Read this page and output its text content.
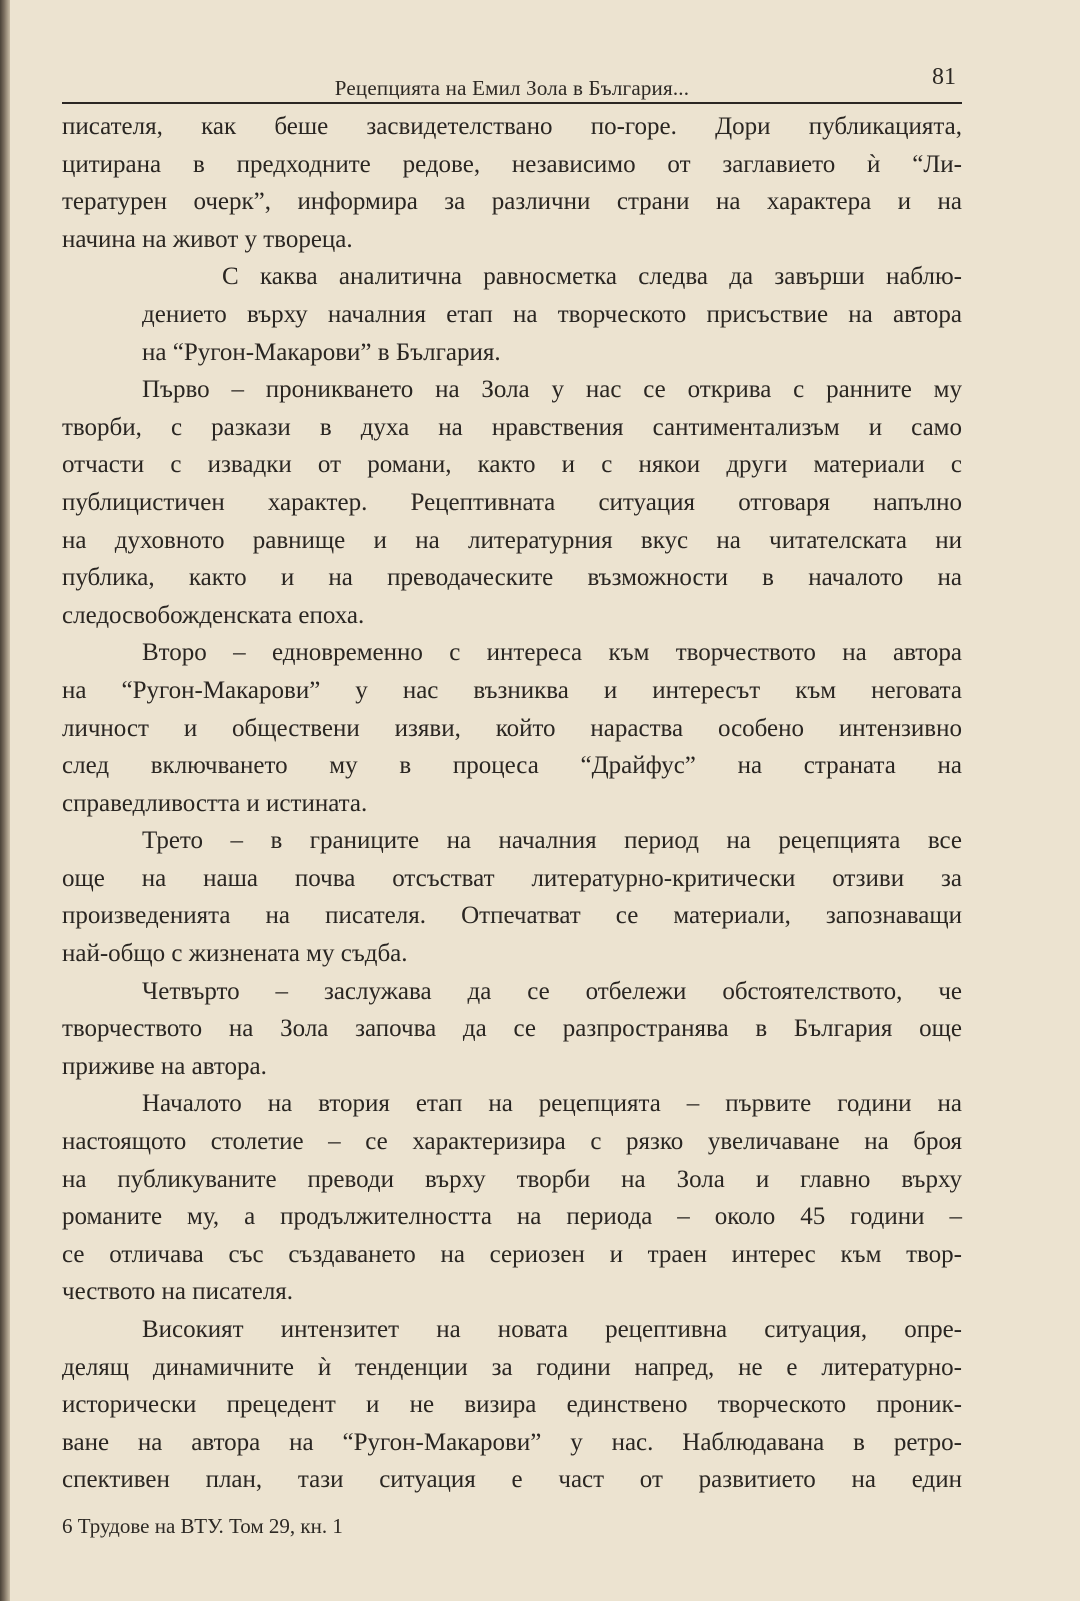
Рецепцията на Емил Зола в България...	81

писателя, как беше засвидетелствано по-горе. Дори публикацията,
цитирана в предходните редове, независимо от заглавието ѝ “Ли-
тературен очерк”, информира за различни страни на характера и на
начина на живот у твореца.

С каква аналитична равносметка следва да завърши наблю-
дението върху началния етап на творческото присъствие на автора
на “Ругон-Макарови” в България.

Първо – проникването на Зола у нас се открива с ранните му
творби, с разкази в духа на нравствения сантиментализъм и само
отчасти с извадки от романи, както и с някои други материали с
публицистичен характер. Рецептивната ситуация отговаря напълно
на духовното равнище и на литературния вкус на читателската ни
публика, както и на преводаческите възможности в началото на
следосвобожденската епоха.

Второ – едновременно с интереса към творчеството на автора
на “Ругон-Макарови” у нас възниква и интересът към неговата
личност и обществени изяви, който нараства особено интензивно
след включването му в процеса “Драйфус” на страната на
справедливостта и истината.

Трето – в границите на началния период на рецепцията все
още на наша почва отсъстват литературно-критически отзиви за
произведенията на писателя. Отпечатват се материали, запознаващи
най-общо с жизнената му съдба.

Четвърто – заслужава да се отбележи обстоятелството, че
творчеството на Зола започва да се разпространява в България още
приживе на автора.

Началото на втория етап на рецепцията – първите години на
настоящото столетие – се характеризира с рязко увеличаване на броя
на публикуваните преводи върху творби на Зола и главно върху
романите му, а продължителността на периода – около 45 години –
се отличава със създаването на сериозен и траен интерес към твор-
чеството на писателя.

Високият интензитет на новата рецептивна ситуация, опре-
делящ динамичните ѝ тенденции за години напред, не е литературно-
исторически прецедент и не визира единствено творческото проник-
ване на автора на “Ругон-Макарови” у нас. Наблюдавана в ретро-
спективен план, тази ситуация е част от развитието на един

6 Трудове на ВТУ. Том 29, кн. 1
